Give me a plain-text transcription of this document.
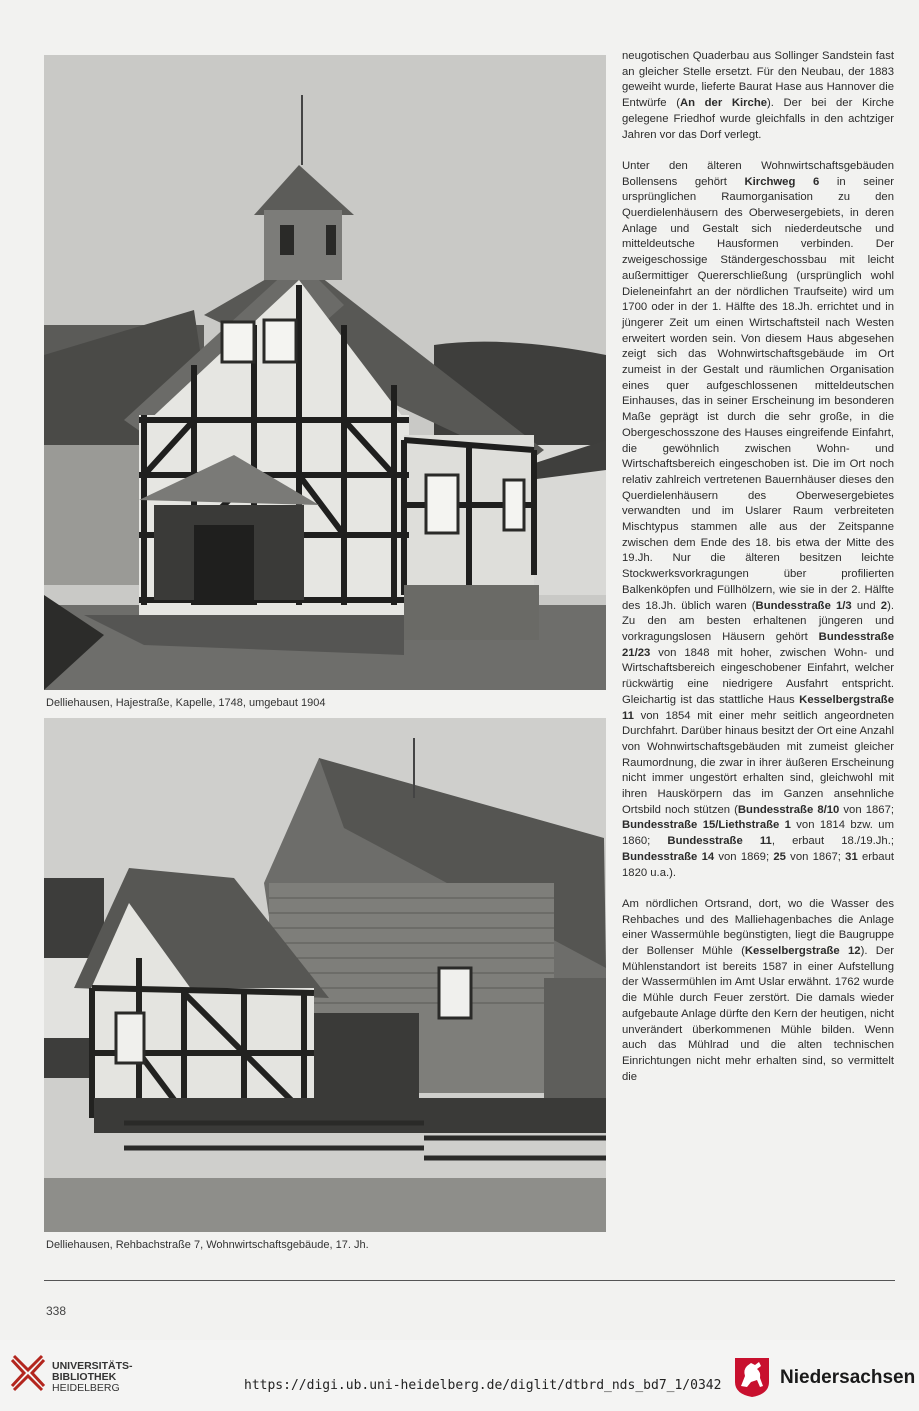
Delliehausen, Hajestraße, Kapelle, 1748, umgebaut 1904
Delliehausen, Rehbachstraße 7, Wohnwirtschaftsgebäude, 17. Jh.

neugotischen Quaderbau aus Sollinger Sandstein fast an gleicher Stelle ersetzt. Für den Neubau, der 1883 geweiht wurde, lieferte Baurat Hase aus Hannover die Entwürfe (An der Kirche). Der bei der Kirche gelegene Friedhof wurde gleichfalls in den achtziger Jahren vor das Dorf verlegt.

Unter den älteren Wohnwirtschaftsgebäuden Bollensens gehört Kirchweg 6 in seiner ursprünglichen Raumorganisation zu den Querdielenhäusern des Oberwesergebiets, in deren Anlage und Gestalt sich niederdeutsche und mitteldeutsche Hausformen verbinden. Der zweigeschossige Ständergeschossbau mit leicht außermittiger Quererschließung (ursprünglich wohl Dieleneinfahrt an der nördlichen Traufseite) wird um 1700 oder in der 1. Hälfte des 18.Jh. errichtet und in jüngerer Zeit um einen Wirtschaftsteil nach Westen erweitert worden sein. Von diesem Haus abgesehen zeigt sich das Wohnwirtschaftsgebäude im Ort zumeist in der Gestalt und räumlichen Organisation eines quer aufgeschlossenen mitteldeutschen Einhauses, das in seiner Erscheinung im besonderen Maße geprägt ist durch die sehr große, in die Obergeschosszone des Hauses eingreifende Einfahrt, die gewöhnlich zwischen Wohn- und Wirtschaftsbereich eingeschoben ist. Die im Ort noch relativ zahlreich vertretenen Bauernhäuser dieses den Querdielenhäusern des Oberwesergebietes verwandten und im Uslarer Raum verbreiteten Mischtypus stammen alle aus der Zeitspanne zwischen dem Ende des 18. bis etwa der Mitte des 19.Jh. Nur die älteren besitzen leichte Stockwerksvorkragungen über profilierten Balkenköpfen und Füllhölzern, wie sie in der 2. Hälfte des 18.Jh. üblich waren (Bundesstraße 1/3 und 2). Zu den am besten erhaltenen jüngeren und vorkragungslosen Häusern gehört Bundesstraße 21/23 von 1848 mit hoher, zwischen Wohn- und Wirtschaftsbereich eingeschobener Einfahrt, welcher rückwärtig eine niedrigere Ausfahrt entspricht. Gleichartig ist das stattliche Haus Kesselbergstraße 11 von 1854 mit einer mehr seitlich angeordneten Durchfahrt. Darüber hinaus besitzt der Ort eine Anzahl von Wohnwirtschaftsgebäuden mit zumeist gleicher Raumordnung, die zwar in ihrer äußeren Erscheinung nicht immer ungestört erhalten sind, gleichwohl mit ihren Hauskörpern das im Ganzen ansehnliche Ortsbild noch stützen (Bundesstraße 8/10 von 1867; Bundesstraße 15/Liethstraße 1 von 1814 bzw. um 1860; Bundesstraße 11, erbaut 18./19.Jh.; Bundesstraße 14 von 1869; 25 von 1867; 31 erbaut 1820 u.a.).

Am nördlichen Ortsrand, dort, wo die Wasser des Rehbaches und des Malliehagenbaches die Anlage einer Wassermühle begünstigten, liegt die Baugruppe der Bollenser Mühle (Kesselbergstraße 12). Der Mühlenstandort ist bereits 1587 in einer Aufstellung der Wassermühlen im Amt Uslar erwähnt. 1762 wurde die Mühle durch Feuer zerstört. Die damals wieder aufgebaute Anlage dürfte den Kern der heutigen, nicht unverändert überkommenen Mühle bilden. Wenn auch das Mühlrad und die alten technischen Einrichtungen nicht mehr erhalten sind, so vermittelt die

338
UNIVERSITÄTS-
BIBLIOTHEK
HEIDELBERG	https://digi.ub.uni-heidelberg.de/diglit/dtbrd_nds_bd7_1/0342	Niedersachsen
